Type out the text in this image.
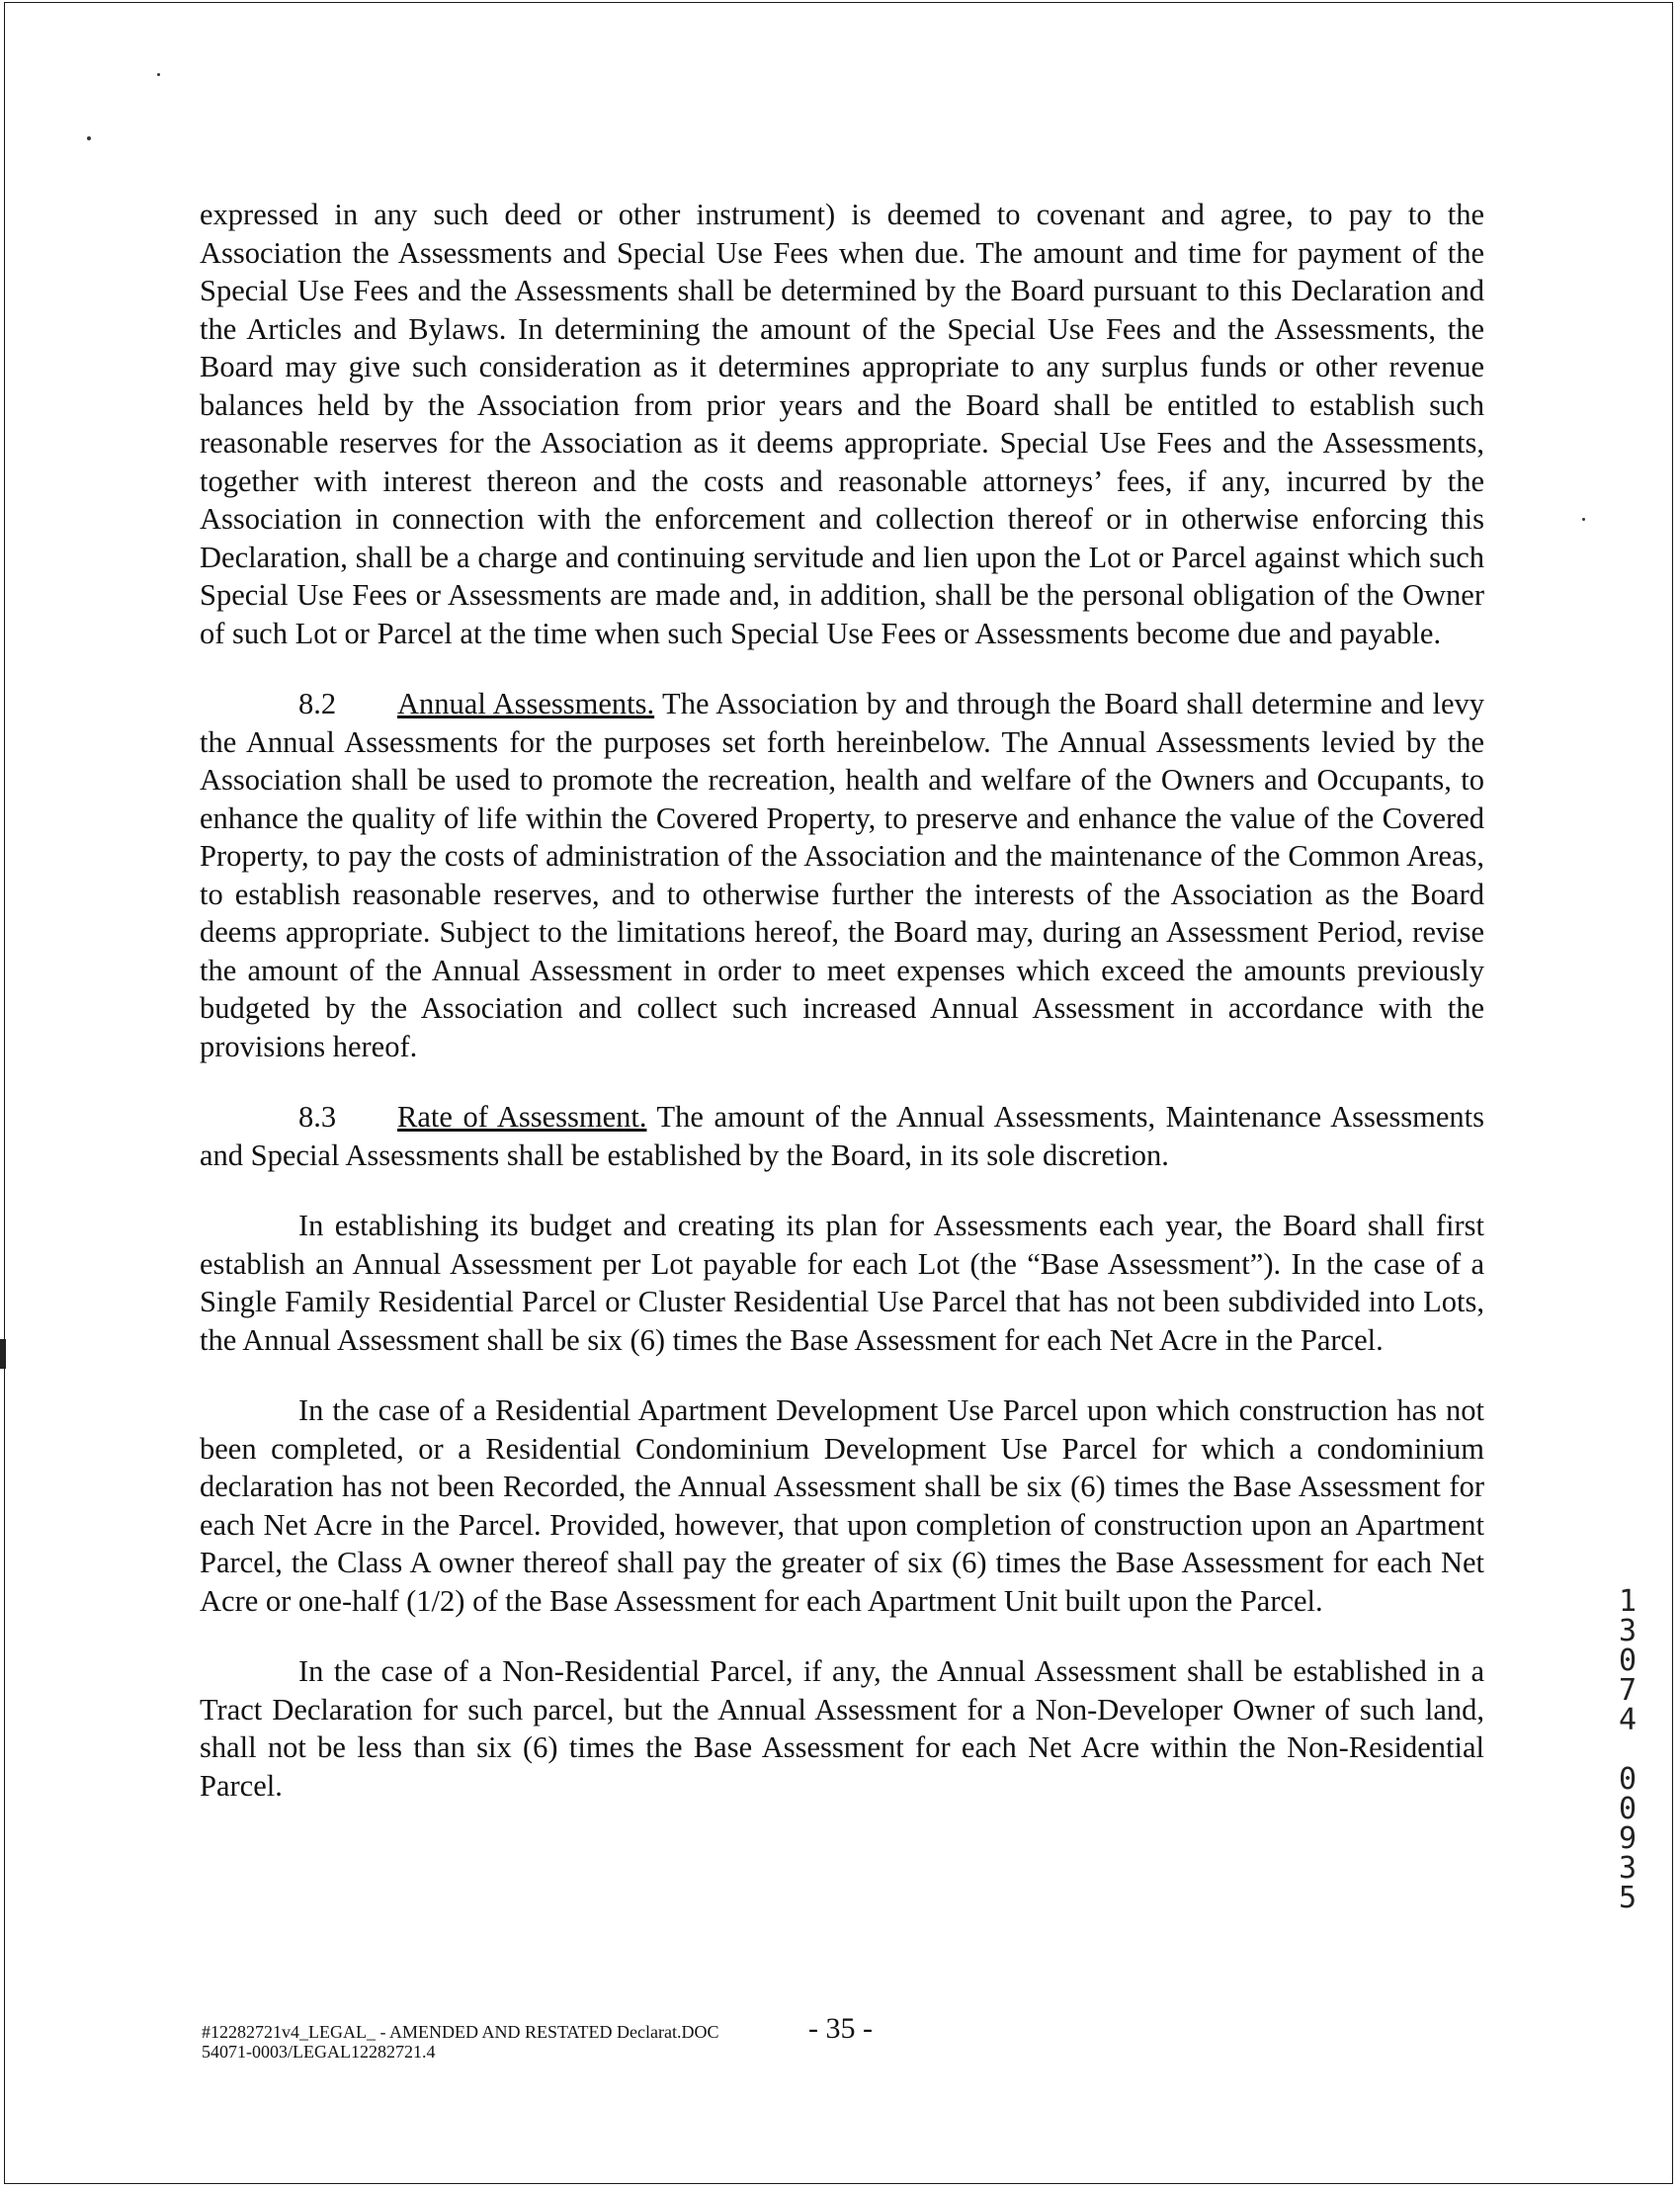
expressed in any such deed or other instrument) is deemed to covenant and agree, to pay to the Association the Assessments and Special Use Fees when due. The amount and time for payment of the Special Use Fees and the Assessments shall be determined by the Board pursuant to this Declaration and the Articles and Bylaws. In determining the amount of the Special Use Fees and the Assessments, the Board may give such consideration as it determines appropriate to any surplus funds or other revenue balances held by the Association from prior years and the Board shall be entitled to establish such reasonable reserves for the Association as it deems appropriate. Special Use Fees and the Assessments, together with interest thereon and the costs and reasonable attorneys’ fees, if any, incurred by the Association in connection with the enforcement and collection thereof or in otherwise enforcing this Declaration, shall be a charge and continuing servitude and lien upon the Lot or Parcel against which such Special Use Fees or Assessments are made and, in addition, shall be the personal obligation of the Owner of such Lot or Parcel at the time when such Special Use Fees or Assessments become due and payable.

8.2 Annual Assessments. The Association by and through the Board shall determine and levy the Annual Assessments for the purposes set forth hereinbelow. The Annual Assessments levied by the Association shall be used to promote the recreation, health and welfare of the Owners and Occupants, to enhance the quality of life within the Covered Property, to preserve and enhance the value of the Covered Property, to pay the costs of administration of the Association and the maintenance of the Common Areas, to establish reasonable reserves, and to otherwise further the interests of the Association as the Board deems appropriate. Subject to the limitations hereof, the Board may, during an Assessment Period, revise the amount of the Annual Assessment in order to meet expenses which exceed the amounts previously budgeted by the Association and collect such increased Annual Assessment in accordance with the provisions hereof.

8.3 Rate of Assessment. The amount of the Annual Assessments, Maintenance Assessments and Special Assessments shall be established by the Board, in its sole discretion.

In establishing its budget and creating its plan for Assessments each year, the Board shall first establish an Annual Assessment per Lot payable for each Lot (the “Base Assessment”). In the case of a Single Family Residential Parcel or Cluster Residential Use Parcel that has not been subdivided into Lots, the Annual Assessment shall be six (6) times the Base Assessment for each Net Acre in the Parcel.

In the case of a Residential Apartment Development Use Parcel upon which construction has not been completed, or a Residential Condominium Development Use Parcel for which a condominium declaration has not been Recorded, the Annual Assessment shall be six (6) times the Base Assessment for each Net Acre in the Parcel. Provided, however, that upon completion of construction upon an Apartment Parcel, the Class A owner thereof shall pay the greater of six (6) times the Base Assessment for each Net Acre or one-half (1/2) of the Base Assessment for each Apartment Unit built upon the Parcel.

In the case of a Non-Residential Parcel, if any, the Annual Assessment shall be established in a Tract Declaration for such parcel, but the Annual Assessment for a Non-Developer Owner of such land, shall not be less than six (6) times the Base Assessment for each Net Acre within the Non-Residential Parcel.

#12282721v4_LEGAL_ - AMENDED AND RESTATED Declarat.DOC
54071-0003/LEGAL12282721.4
- 35 -
1
3
0
7
4
0
0
9
3
5
